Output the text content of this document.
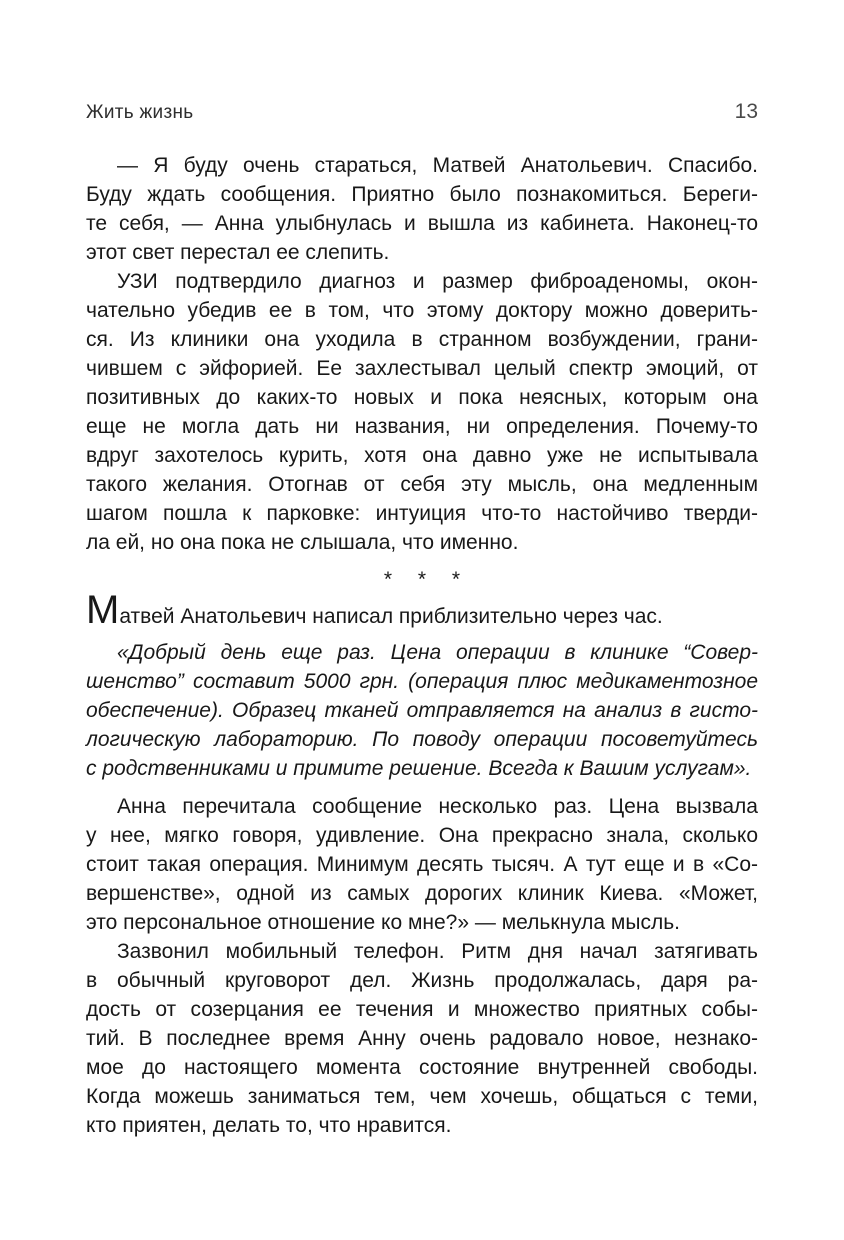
Жить жизнь	13
— Я буду очень стараться, Матвей Анатольевич. Спасибо.
Буду ждать сообщения. Приятно было познакомиться. Береги-
те себя, — Анна улыбнулась и вышла из кабинета. Наконец-то
этот свет перестал ее слепить.
УЗИ подтвердило диагноз и размер фиброаденомы, окон-
чательно убедив ее в том, что этому доктору можно доверить-
ся. Из клиники она уходила в странном возбуждении, грани-
чившем с эйфорией. Ее захлестывал целый спектр эмоций, от
позитивных до каких-то новых и пока неясных, которым она
еще не могла дать ни названия, ни определения. Почему-то
вдруг захотелось курить, хотя она давно уже не испытывала
такого желания. Отогнав от себя эту мысль, она медленным
шагом пошла к парковке: интуиция что-то настойчиво тверди-
ла ей, но она пока не слышала, что именно.
* * *
Матвей Анатольевич написал приблизительно через час.
«Добрый день еще раз. Цена операции в клинике “Совер-
шенство” составит 5000 грн. (операция плюс медикаментозное
обеспечение). Образец тканей отправляется на анализ в гисто-
логическую лабораторию. По поводу операции посоветуйтесь
с родственниками и примите решение. Всегда к Вашим услугам».
Анна перечитала сообщение несколько раз. Цена вызвала
у нее, мягко говоря, удивление. Она прекрасно знала, сколько
стоит такая операция. Минимум десять тысяч. А тут еще и в «Со-
вершенстве», одной из самых дорогих клиник Киева. «Может,
это персональное отношение ко мне?» — мелькнула мысль.
Зазвонил мобильный телефон. Ритм дня начал затягивать
в обычный круговорот дел. Жизнь продолжалась, даря ра-
дость от созерцания ее течения и множество приятных собы-
тий. В последнее время Анну очень радовало новое, незнако-
мое до настоящего момента состояние внутренней свободы.
Когда можешь заниматься тем, чем хочешь, общаться с теми,
кто приятен, делать то, что нравится.
